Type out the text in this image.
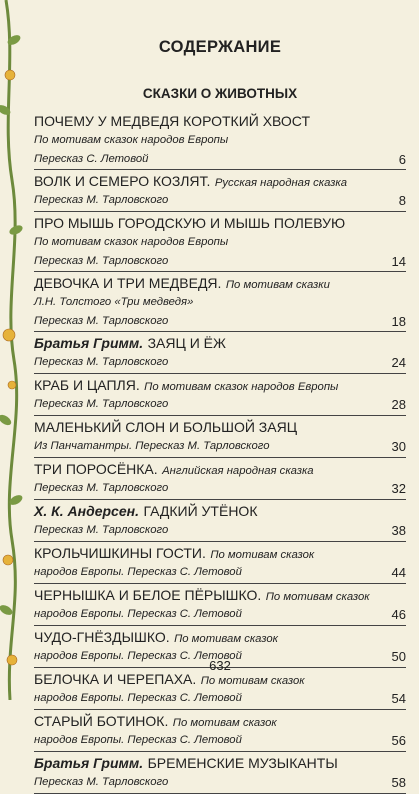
СОДЕРЖАНИЕ
СКАЗКИ О ЖИВОТНЫХ
ПОЧЕМУ У МЕДВЕДЯ КОРОТКИЙ ХВОСТ
По мотивам сказок народов Европы
Пересказ С. Летовой	6
ВОЛК И СЕМЕРО КОЗЛЯТ. Русская народная сказка
Пересказ М. Тарловского	8
ПРО МЫШЬ ГОРОДСКУЮ И МЫШЬ ПОЛЕВУЮ
По мотивам сказок народов Европы
Пересказ М. Тарловского	14
ДЕВОЧКА И ТРИ МЕДВЕДЯ. По мотивам сказки
Л.Н. Толстого «Три медведя»
Пересказ М. Тарловского	18
Братья Гримм. ЗАЯЦ И ЁЖ
Пересказ М. Тарловского	24
КРАБ И ЦАПЛЯ. По мотивам сказок народов Европы
Пересказ М. Тарловского	28
МАЛЕНЬКИЙ СЛОН И БОЛЬШОЙ ЗАЯЦ
Из Панчатантры. Пересказ М. Тарловского	30
ТРИ ПОРОСЁНКА. Английская народная сказка
Пересказ М. Тарловского	32
Х. К. Андерсен. ГАДКИЙ УТЁНОК
Пересказ М. Тарловского	38
КРОЛЬЧИШКИНЫ ГОСТИ. По мотивам сказок
народов Европы. Пересказ С. Летовой	44
ЧЕРНЫШКА И БЕЛОЕ ПЁРЫШКО. По мотивам сказок
народов Европы. Пересказ С. Летовой	46
ЧУДО-ГНЁЗДЫШКО. По мотивам сказок
народов Европы. Пересказ С. Летовой	50
БЕЛОЧКА И ЧЕРЕПАХА. По мотивам сказок
народов Европы. Пересказ С. Летовой	54
СТАРЫЙ БОТИНОК. По мотивам сказок
народов Европы. Пересказ С. Летовой	56
Братья Гримм. БРЕМЕНСКИЕ МУЗЫКАНТЫ
Пересказ М. Тарловского	58
632
